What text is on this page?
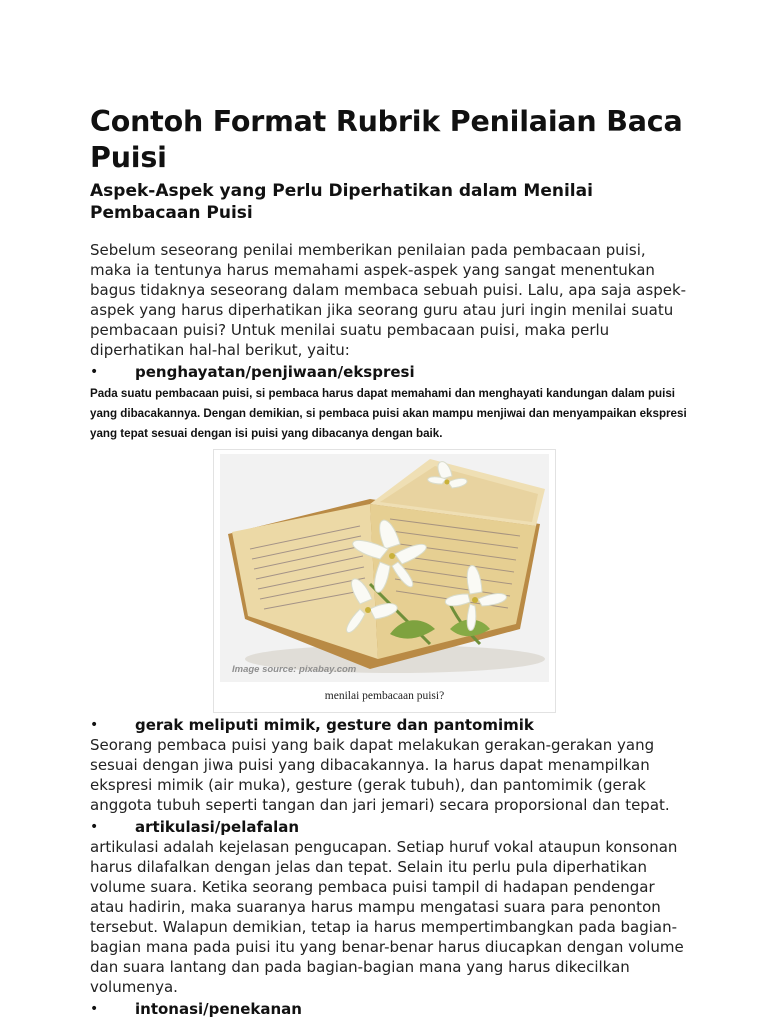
Contoh Format Rubrik Penilaian Baca Puisi
Aspek-Aspek yang Perlu Diperhatikan dalam Menilai Pembacaan Puisi

Sebelum seseorang penilai memberikan penilaian pada pembacaan puisi, maka ia tentunya harus memahami aspek-aspek yang sangat menentukan bagus tidaknya seseorang dalam membaca sebuah puisi. Lalu, apa saja aspek-aspek yang harus diperhatikan jika seorang guru atau juri ingin menilai suatu pembacaan puisi? Untuk menilai suatu pembacaan puisi, maka perlu diperhatikan hal-hal berikut, yaitu:

• penghayatan/penjiwaan/ekspresi

Pada suatu pembacaan puisi, si pembaca harus dapat memahami dan menghayati kandungan dalam puisi yang dibacakannya. Dengan demikian, si pembaca puisi akan mampu menjiwai dan menyampaikan ekspresi yang tepat sesuai dengan isi puisi yang dibacanya dengan baik.

Image source: pixabay.com
menilai pembacaan puisi?
• gerak meliputi mimik, gesture dan pantomimik

Seorang pembaca puisi yang baik dapat melakukan gerakan-gerakan yang sesuai dengan jiwa puisi yang dibacakannya. Ia harus dapat menampilkan ekspresi mimik (air muka), gesture (gerak tubuh), dan pantomimik (gerak anggota tubuh seperti tangan dan jari jemari) secara proporsional dan tepat.

• artikulasi/pelafalan

artikulasi adalah kejelasan pengucapan. Setiap huruf vokal ataupun konsonan harus dilafalkan dengan jelas dan tepat. Selain itu perlu pula diperhatikan volume suara. Ketika seorang pembaca puisi tampil di hadapan pendengar atau hadirin, maka suaranya harus mampu mengatasi suara para penonton tersebut. Walapun demikian, tetap ia harus mempertimbangkan pada bagian-bagian mana pada puisi itu yang benar-benar harus diucapkan dengan volume dan suara lantang dan pada bagian-bagian mana yang harus dikecilkan volumenya.

• intonasi/penekanan
